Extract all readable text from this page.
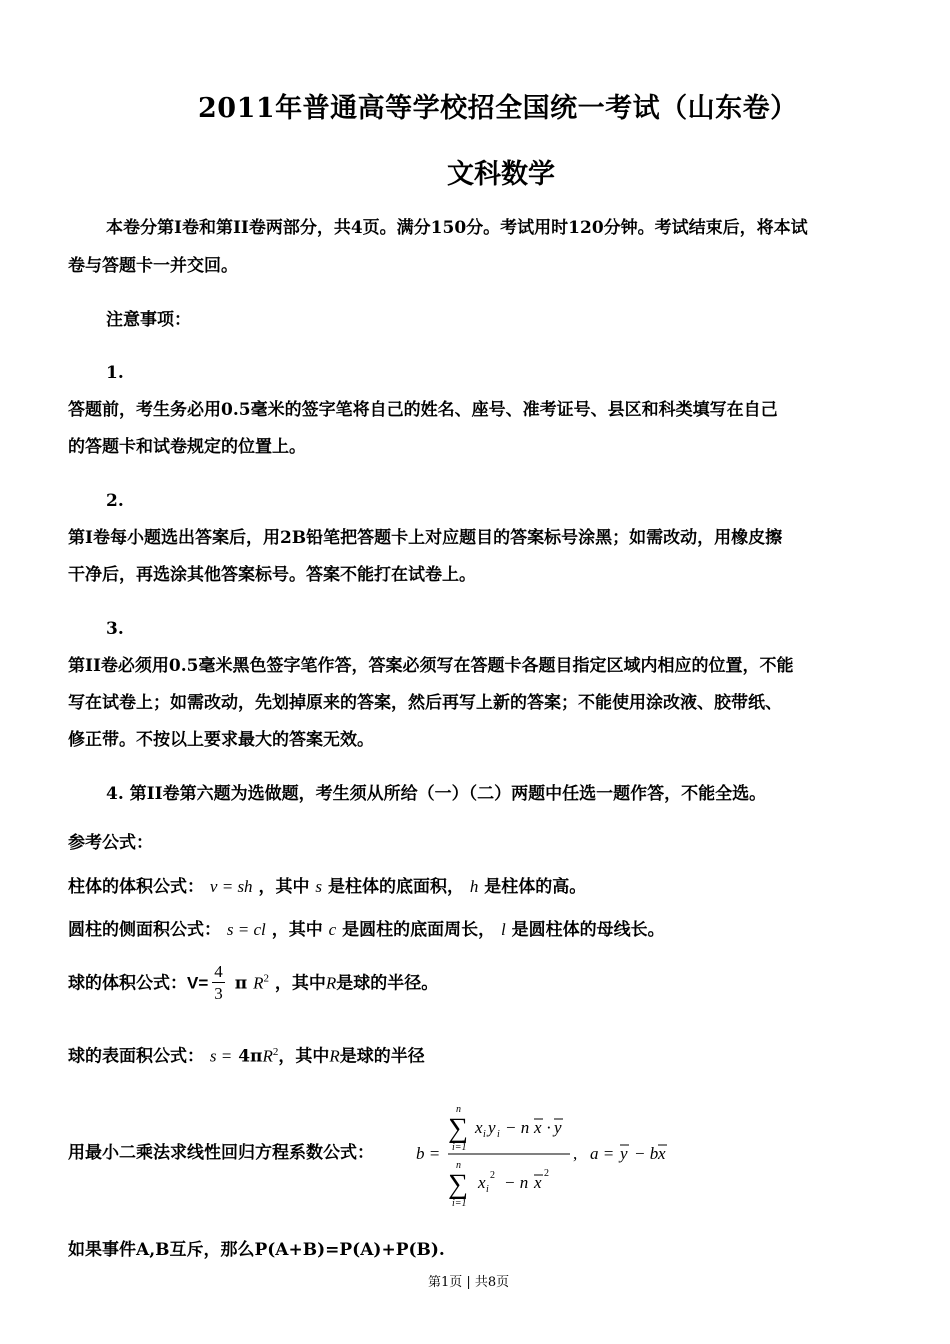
2011年普通高等学校招全国统一考试（山东卷）
文科数学
本卷分第I卷和第II卷两部分，共4页。满分150分。考试用时120分钟。考试结束后，将本试
卷与答题卡一并交回。
注意事项：
1.
答题前，考生务必用0.5毫米的签字笔将自己的姓名、座号、准考证号、县区和科类填写在自己
的答题卡和试卷规定的位置上。
2.
第I卷每小题选出答案后，用2B铅笔把答题卡上对应题目的答案标号涂黑；如需改动，用橡皮擦
干净后，再选涂其他答案标号。答案不能打在试卷上。
3.
第II卷必须用0.5毫米黑色签字笔作答，答案必须写在答题卡各题目指定区域内相应的位置，不能
写在试卷上；如需改动，先划掉原来的答案，然后再写上新的答案；不能使用涂改液、胶带纸、
修正带。不按以上要求最大的答案无效。
4. 第II卷第六题为选做题，考生须从所给（一）（二）两题中任选一题作答，不能全选。
参考公式：
柱体的体积公式： v = sh ，其中 s 是柱体的底面积， h 是柱体的高。
圆柱的侧面积公式： s = cl ，其中 c 是圆柱的底面周长， l 是圆柱体的母线长。
球的体积公式：$V= \frac{4}{3}$ π $R^2$ ，其中R是球的半径。
球的表面积公式： $s = 4\pi R^2$，其中R是球的半径
用最小二乘法求线性回归方程系数公式： b =
n
∑
i=1
x i y i − n x · y
n
∑
i=1
x i
2 − n x 2
, a = y − b x
如果事件A,B互斥，那么P(A+B)=P(A)+P(B).
第1页 | 共8页
